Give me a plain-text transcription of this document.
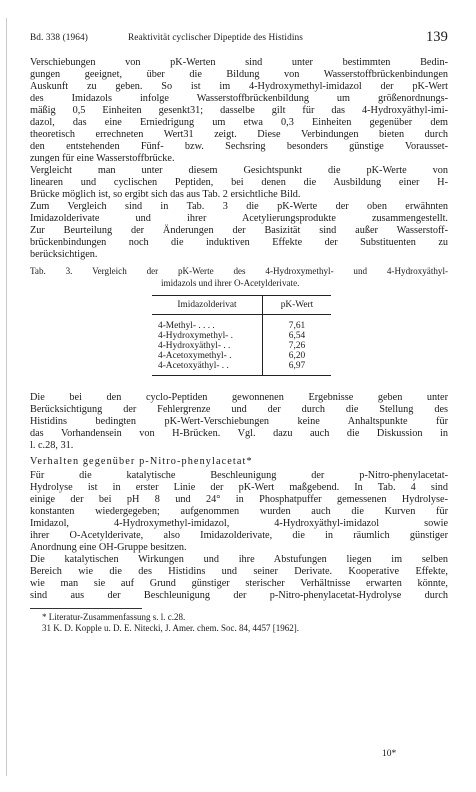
Bd. 338 (1964)	Reaktivität cyclischer Dipeptide des Histidins	139
Verschiebungen von pK-Werten sind unter bestimmten Bedin-
gungen geeignet, über die Bildung von Wasserstoffbrückenbindungen
Auskunft zu geben. So ist im 4-Hydroxymethyl-imidazol der pK-Wert
des Imidazols infolge Wasserstoffbrückenbildung um größenordnungs-
mäßig 0,5 Einheiten gesenkt31; dasselbe gilt für das 4-Hydroxyäthyl-imi-
dazol, das eine Erniedrigung um etwa 0,3 Einheiten gegenüber dem
theoretisch errechneten Wert31 zeigt. Diese Verbindungen bieten durch
den entstehenden Fünf- bzw. Sechsring besonders günstige Vorausset-
zungen für eine Wasserstoffbrücke.
Vergleicht man unter diesem Gesichtspunkt die pK-Werte von
linearen und cyclischen Peptiden, bei denen die Ausbildung einer H-
Brücke möglich ist, so ergibt sich das aus Tab. 2 ersichtliche Bild.
Zum Vergleich sind in Tab. 3 die pK-Werte der oben erwähnten
Imidazolderivate und ihrer Acetylierungsprodukte zusammengestellt.
Zur Beurteilung der Änderungen der Basizität sind außer Wasserstoff-
brückenbindungen noch die induktiven Effekte der Substituenten zu
berücksichtigen.
Tab. 3. Vergleich der pK-Werte des 4-Hydroxymethyl- und 4-Hydroxyäthyl-
imidazols und ihrer O-Acetylderivate.
Imidazolderivat	pK-Wert
4-Methyl- . . . .	7,61
4-Hydroxymethyl- .	6,54
4-Hydroxyäthyl- . .	7,26
4-Acetoxymethyl- .	6,20
4-Acetoxyäthyl- . .	6,97
Die bei den cyclo-Peptiden gewonnenen Ergebnisse geben unter
Berücksichtigung der Fehlergrenze und der durch die Stellung des
Histidins bedingten pK-Wert-Verschiebungen keine Anhaltspunkte für
das Vorhandensein von H-Brücken. Vgl. dazu auch die Diskussion in
l. c.28, 31.
Verhalten gegenüber p-Nitro-phenylacetat*
Für die katalytische Beschleunigung der p-Nitro-phenylacetat-
Hydrolyse ist in erster Linie der pK-Wert maßgebend. In Tab. 4 sind
einige der bei pH 8 und 24° in Phosphatpuffer gemessenen Hydrolyse-
konstanten wiedergegeben; aufgenommen wurden auch die Kurven für
Imidazol, 4-Hydroxymethyl-imidazol, 4-Hydroxyäthyl-imidazol sowie
ihrer O-Acetylderivate, also Imidazolderivate, die in räumlich günstiger
Anordnung eine OH-Gruppe besitzen.
Die katalytischen Wirkungen und ihre Abstufungen liegen im selben
Bereich wie die des Histidins und seiner Derivate. Kooperative Effekte,
wie man sie auf Grund günstiger sterischer Verhältnisse erwarten könnte,
sind aus der Beschleunigung der p-Nitro-phenylacetat-Hydrolyse durch
* Literatur-Zusammenfassung s. l. c.28.
31 K. D. Kopple u. D. E. Nitecki, J. Amer. chem. Soc. 84, 4457 [1962].
10*
